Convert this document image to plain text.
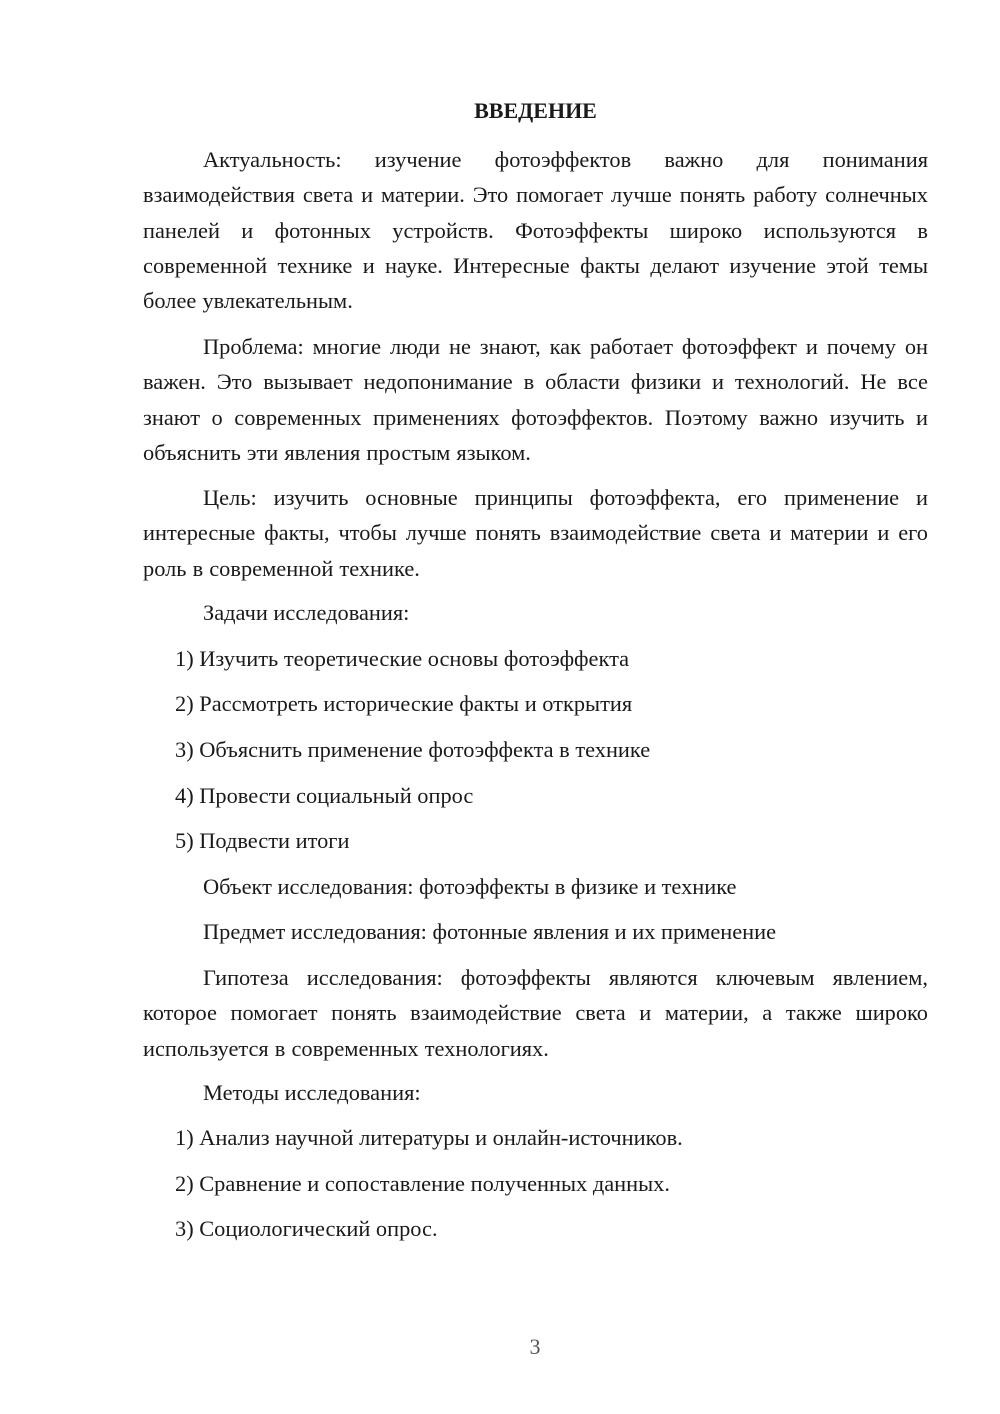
ВВЕДЕНИЕ

Актуальность: изучение фотоэффектов важно для понимания взаимодействия света и материи. Это помогает лучше понять работу солнечных панелей и фотонных устройств. Фотоэффекты широко используются в современной технике и науке. Интересные факты делают изучение этой темы более увлекательным.

Проблема: многие люди не знают, как работает фотоэффект и почему он важен. Это вызывает недопонимание в области физики и технологий. Не все знают о современных применениях фотоэффектов. Поэтому важно изучить и объяснить эти явления простым языком.

Цель: изучить основные принципы фотоэффекта, его применение и интересные факты, чтобы лучше понять взаимодействие света и материи и его роль в современной технике.

Задачи исследования:

1) Изучить теоретические основы фотоэффекта

2) Рассмотреть исторические факты и открытия

3) Объяснить применение фотоэффекта в технике

4) Провести социальный опрос

5) Подвести итоги

Объект исследования: фотоэффекты в физике и технике

Предмет исследования: фотонные явления и их применение

Гипотеза исследования: фотоэффекты являются ключевым явлением, которое помогает понять взаимодействие света и материи, а также широко используется в современных технологиях.

Методы исследования:

1) Анализ научной литературы и онлайн-источников.

2) Сравнение и сопоставление полученных данных.

3) Социологический опрос.

3
